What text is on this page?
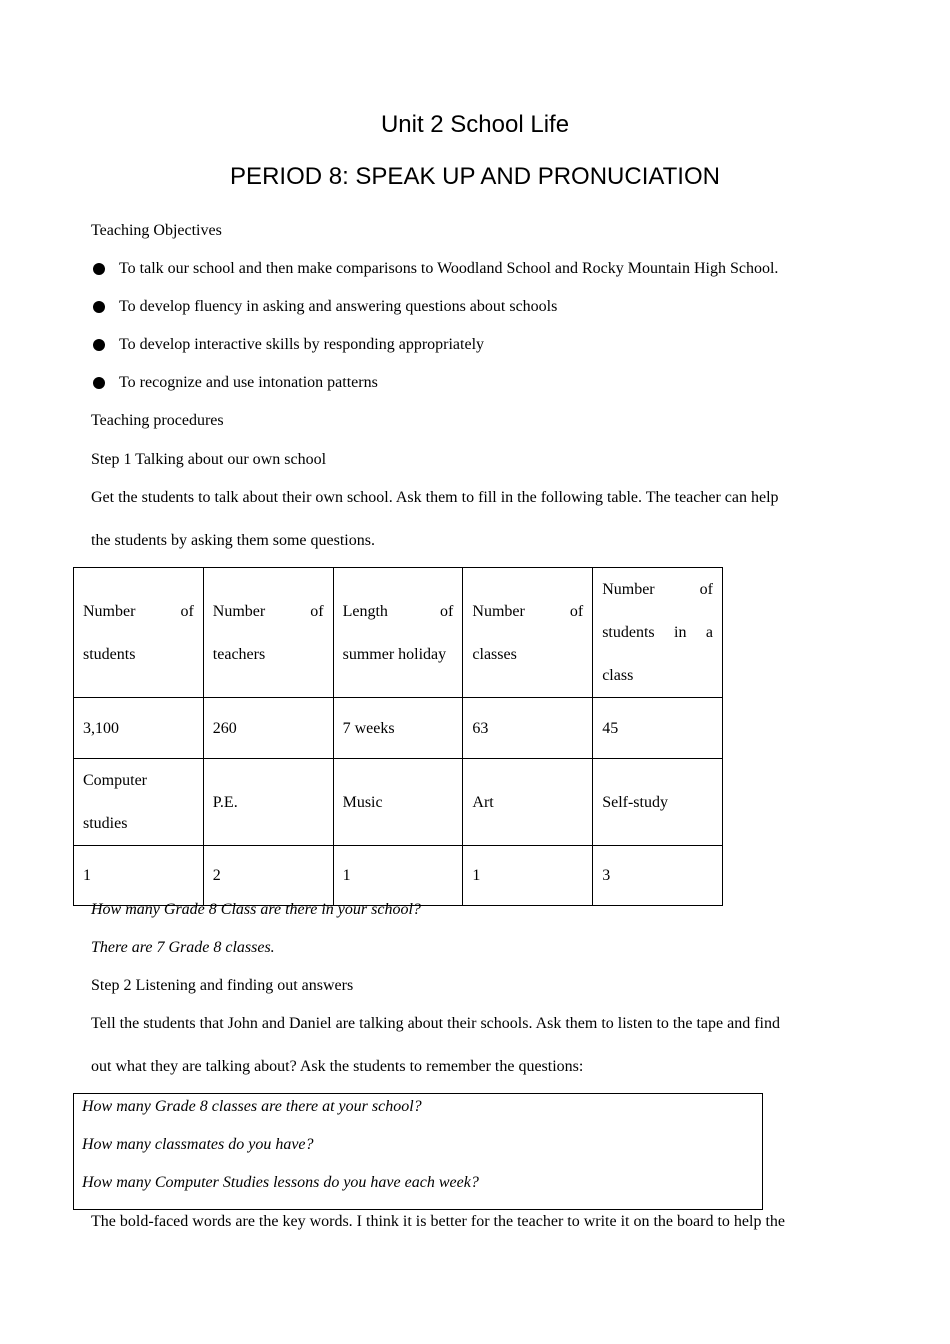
Unit 2 School Life
PERIOD 8: SPEAK UP AND PRONUCIATION
Teaching Objectives
To talk our school and then make comparisons to Woodland School and Rocky Mountain High School.
To develop fluency in asking and answering questions about schools
To develop interactive skills by responding appropriately
To recognize and use intonation patterns
Teaching procedures
Step 1 Talking about our own school
Get the students to talk about their own school. Ask them to fill in the following table. The teacher can help
the students by asking them some questions.
Number of students	Number of teachers	Length of summer holiday	Number of classes	Number of students in a class
3,100	260	7 weeks	63	45
Computer studies	P.E.	Music	Art	Self-study
1	2	1	1	3
How many Grade 8 Class are there in your school?
There are 7 Grade 8 classes.
Step 2 Listening and finding out answers
Tell the students that John and Daniel are talking about their schools. Ask them to listen to the tape and find
out what they are talking about? Ask the students to remember the questions:
How many Grade 8 classes are there at your school?
How many classmates do you have?
How many Computer Studies lessons do you have each week?
The bold-faced words are the key words. I think it is better for the teacher to write it on the board to help the
